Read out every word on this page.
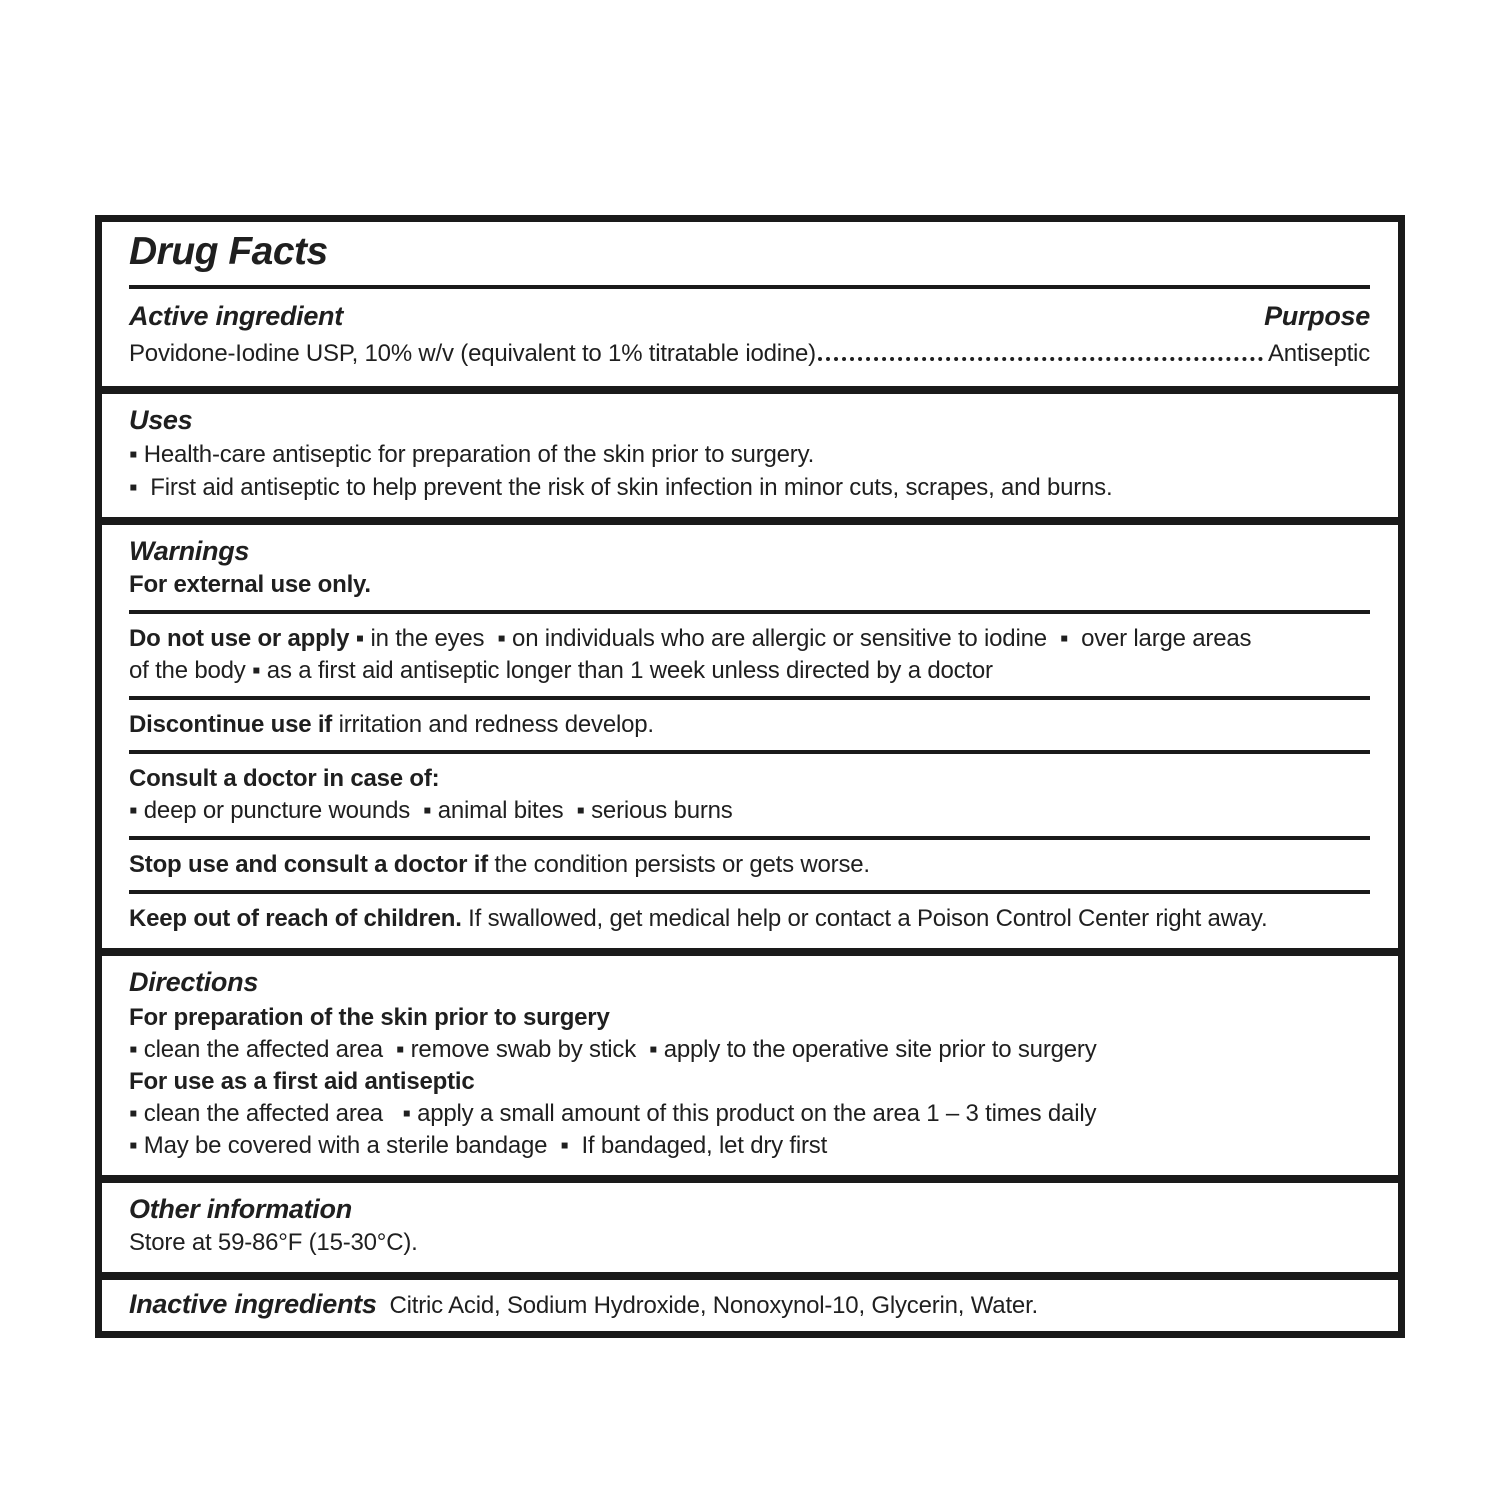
Drug Facts
Active ingredient	Purpose
Povidone-Iodine USP, 10% w/v (equivalent to 1% titratable iodine)	Antiseptic
Uses
▪ Health-care antiseptic for preparation of the skin prior to surgery.
▪  First aid antiseptic to help prevent the risk of skin infection in minor cuts, scrapes, and burns.
Warnings
For external use only.
Do not use or apply ▪ in the eyes  ▪ on individuals who are allergic or sensitive to iodine  ▪  over large areas
of the body ▪ as a first aid antiseptic longer than 1 week unless directed by a doctor
Discontinue use if irritation and redness develop.
Consult a doctor in case of:
▪ deep or puncture wounds  ▪ animal bites  ▪ serious burns
Stop use and consult a doctor if the condition persists or gets worse.
Keep out of reach of children. If swallowed, get medical help or contact a Poison Control Center right away.
Directions
For preparation of the skin prior to surgery
▪ clean the affected area  ▪ remove swab by stick  ▪ apply to the operative site prior to surgery
For use as a first aid antiseptic
▪ clean the affected area   ▪ apply a small amount of this product on the area 1 – 3 times daily
▪ May be covered with a sterile bandage  ▪  If bandaged, let dry first
Other information
Store at 59-86°F (15-30°C).
Inactive ingredients Citric Acid, Sodium Hydroxide, Nonoxynol-10, Glycerin, Water.
